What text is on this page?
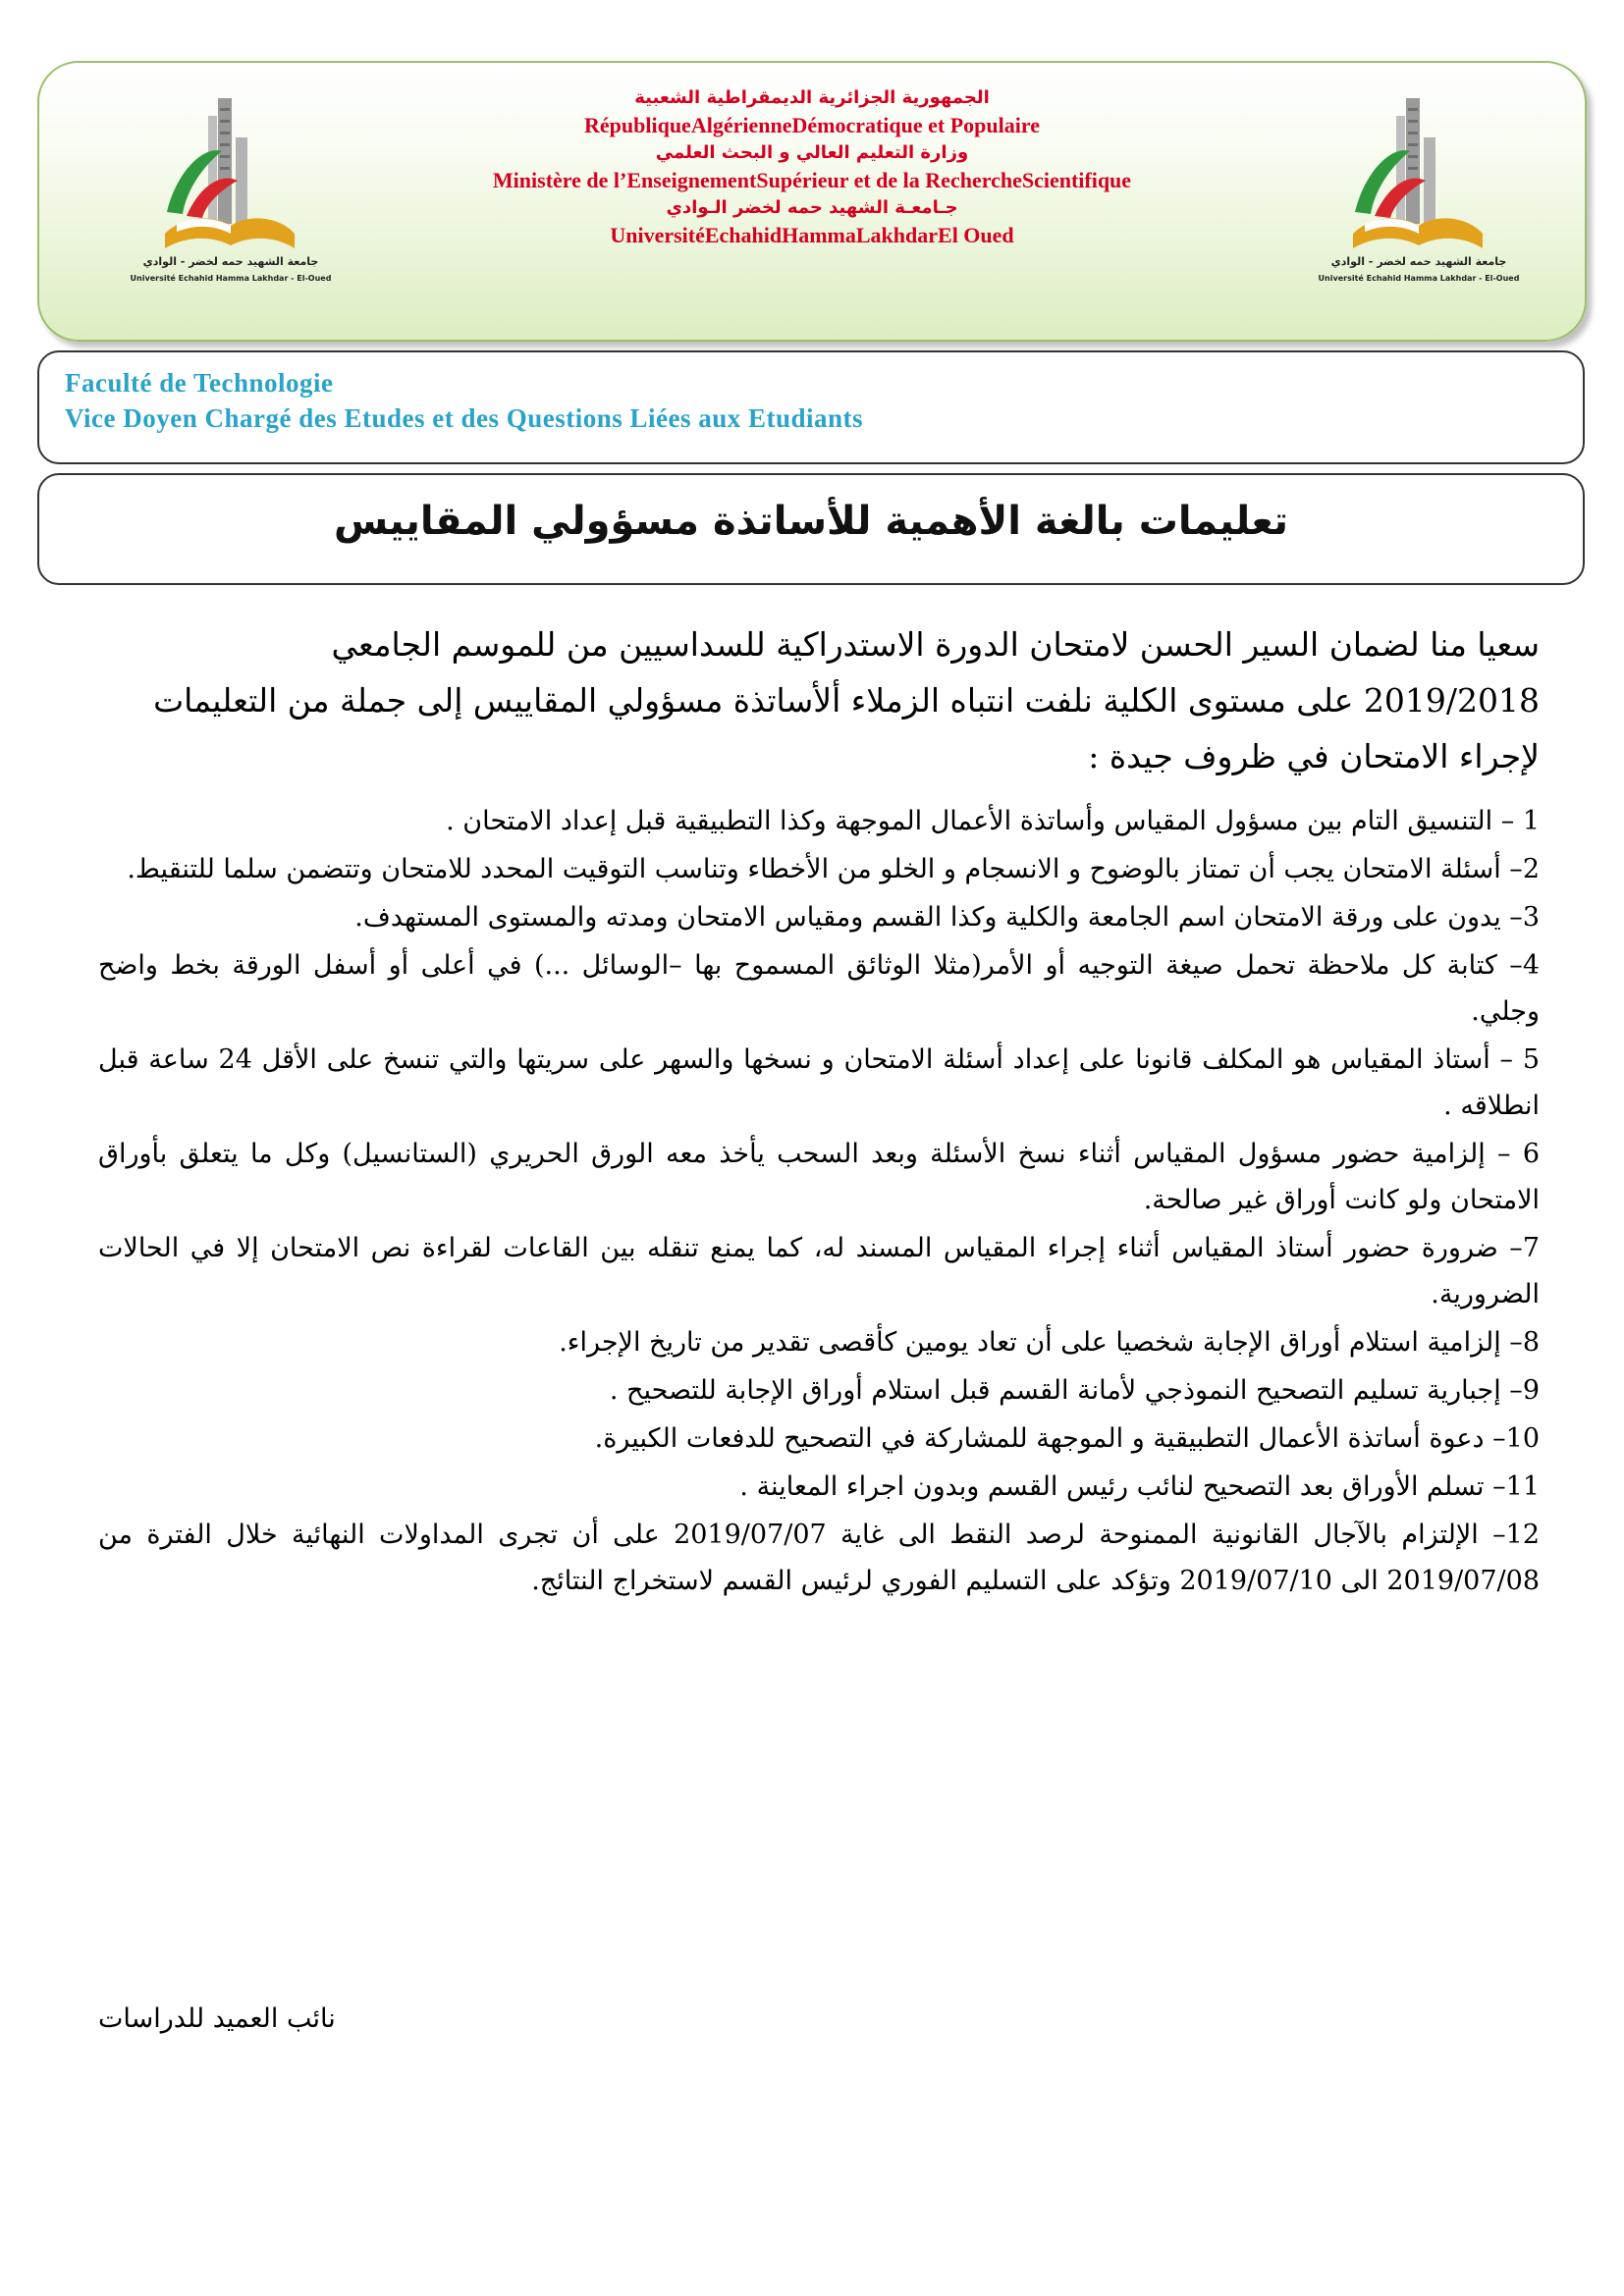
جامعة الشهيد حمه لخضر - الوادي
Université Echahid Hamma Lakhdar - El-Oued
جامعة الشهيد حمه لخضر - الوادي
Université Echahid Hamma Lakhdar - El-Oued
الجمهورية الجزائرية الديمقراطية الشعبية
RépubliqueAlgérienneDémocratique et Populaire
وزارة التعليم العالي و البحث العلمي
Ministère de l’EnseignementSupérieur et de la RechercheScientifique
جـامعـة الشهيد حمه لخضر الـوادي
UniversitéEchahidHammaLakhdarEl Oued
Faculté de Technologie
Vice Doyen Chargé des Etudes et des Questions Liées aux Etudiants
تعليمات بالغة الأهمية للأساتذة مسؤولي المقاييس

سعيا منا لضمان السير الحسن لامتحان الدورة الاستدراكية للسداسيين من للموسم الجامعي

2019/2018 على مستوى الكلية نلفت انتباه الزملاء ألأساتذة مسؤولي المقاييس إلى جملة من التعليمات

لإجراء الامتحان في ظروف جيدة :

1 – التنسيق التام بين مسؤول المقياس وأساتذة الأعمال الموجهة وكذا التطبيقية قبل إعداد الامتحان .

2– أسئلة الامتحان يجب أن تمتاز بالوضوح و الانسجام و الخلو من الأخطاء وتناسب التوقيت المحدد للامتحان وتتضمن سلما للتنقيط.

3– يدون على ورقة الامتحان اسم الجامعة والكلية وكذا القسم ومقياس الامتحان ومدته والمستوى المستهدف.

4– كتابة كل ملاحظة تحمل صيغة التوجيه أو الأمر(مثلا الوثائق المسموح بها –الوسائل ...) في أعلى أو أسفل الورقة بخط واضح وجلي.

5 – أستاذ المقياس هو المكلف قانونا على إعداد أسئلة الامتحان و نسخها والسهر على سريتها والتي تنسخ على الأقل 24 ساعة قبل انطلاقه .

6 – إلزامية حضور مسؤول المقياس أثناء نسخ الأسئلة وبعد السحب يأخذ معه الورق الحريري (الستانسيل) وكل ما يتعلق بأوراق الامتحان ولو كانت أوراق غير صالحة.

7– ضرورة حضور أستاذ المقياس أثناء إجراء المقياس المسند له، كما يمنع تنقله بين القاعات لقراءة نص الامتحان إلا في الحالات الضرورية.

8– إلزامية استلام أوراق الإجابة شخصيا على أن تعاد يومين كأقصى تقدير من تاريخ الإجراء.

9– إجبارية تسليم التصحيح النموذجي لأمانة القسم قبل استلام أوراق الإجابة للتصحيح .

10– دعوة أساتذة الأعمال التطبيقية و الموجهة للمشاركة في التصحيح للدفعات الكبيرة.

11– تسلم الأوراق بعد التصحيح لنائب رئيس القسم وبدون اجراء المعاينة .

12– الإلتزام بالآجال القانونية الممنوحة لرصد النقط الى غاية 2019/07/07 على أن تجرى المداولات النهائية خلال الفترة من 2019/07/08 الى 2019/07/10 وتؤكد على التسليم الفوري لرئيس القسم لاستخراج النتائج.

نائب العميد للدراسات
